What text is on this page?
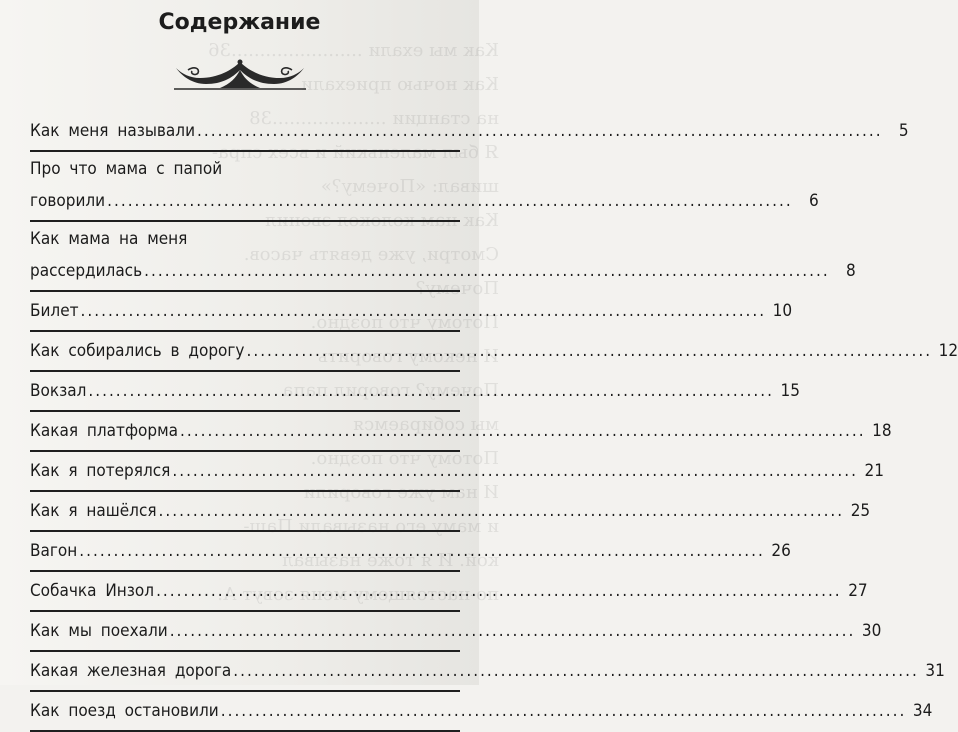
Как мы ехали .......................36
Как ночью приехали
на станции ....................38
Я был маленький и всех спра-
шивал: «Почему?»
Как нам колокол звонил
Смотри, уже девять часов.
Почему?
Потому что поздно.
И некому говорить
Почему? говорил папа
мы собираемся
Потому что поздно.
И нам уже говорили
и маму его называли Паш-
кой. И я тоже называл
по-настоящему меня зовут А.

Содержание
Как меня называли .....	5
Про что мама с папой
говорили .....	6
Как мама на меня
рассердилась .....	8
Билет .....	10
Как собирались в дорогу .....	12
Вокзал .....	15
Какая платформа .....	18
Как я потерялся .....	21
Как я нашёлся .....	25
Вагон .....	26
Собачка Инзол .....	27
Как мы поехали .....	30
Какая железная дорога .....	31
Как поезд остановили .....	34
